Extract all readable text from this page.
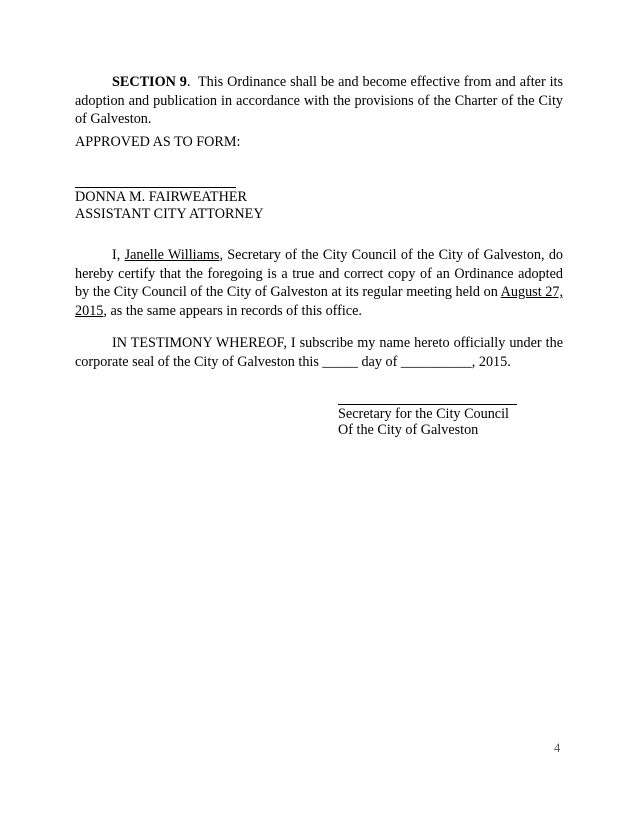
SECTION 9.  This Ordinance shall be and become effective from and after its adoption and publication in accordance with the provisions of the Charter of the City of Galveston.

APPROVED AS TO FORM:

DONNA M. FAIRWEATHER

ASSISTANT CITY ATTORNEY

I, Janelle Williams, Secretary of the City Council of the City of Galveston, do hereby certify that the foregoing is a true and correct copy of an Ordinance adopted by the City Council of the City of Galveston at its regular meeting held on August 27, 2015, as the same appears in records of this office.

IN TESTIMONY WHEREOF, I subscribe my name hereto officially under the corporate seal of the City of Galveston this _____ day of __________, 2015.

Secretary for the City Council

Of the City of Galveston

4
